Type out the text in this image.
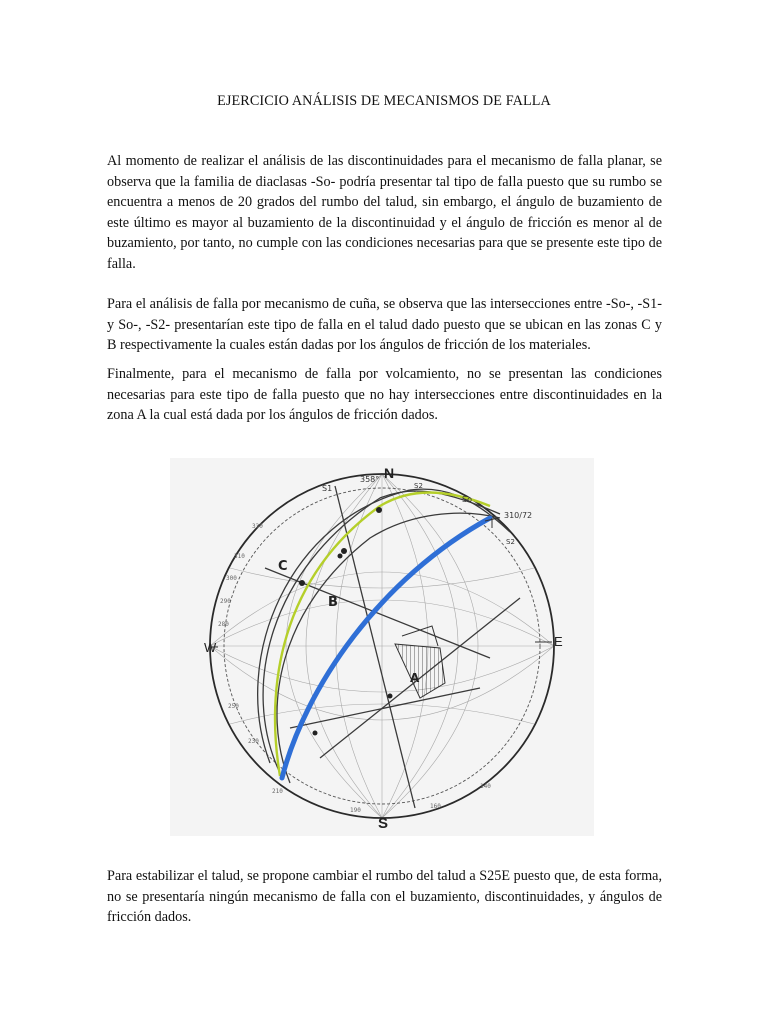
EJERCICIO ANÁLISIS DE MECANISMOS DE FALLA

Al momento de realizar el análisis de las discontinuidades para el mecanismo de falla planar, se observa que la familia de diaclasas -So- podría presentar tal tipo de falla puesto que su rumbo se encuentra a menos de 20 grados del rumbo del talud, sin embargo, el ángulo de buzamiento de este último es mayor al buzamiento de la discontinuidad y el ángulo de fricción es menor al de buzamiento, por tanto, no cumple con las condiciones necesarias para que se presente este tipo de falla.

Para el análisis de falla por mecanismo de cuña, se observa que las intersecciones entre -So-, -S1- y So-, -S2- presentarían este tipo de falla en el talud dado puesto que se ubican en las zonas C y B respectivamente la cuales están dadas por los ángulos de fricción de los materiales.

Finalmente, para el mecanismo de falla por volcamiento, no se presentan las condiciones necesarias para este tipo de falla puesto que no hay intersecciones entre discontinuidades en la zona A la cual está dada por los ángulos de fricción dados.

330
310
300
290
280
250
230
210
190
160
140
N
S
E
W
358°
S1	S2
So
310/72
S2
C
B
A

Para estabilizar el talud, se propone cambiar el rumbo del talud a S25E puesto que, de esta forma, no se presentaría ningún mecanismo de falla con el buzamiento, discontinuidades, y ángulos de fricción dados.
